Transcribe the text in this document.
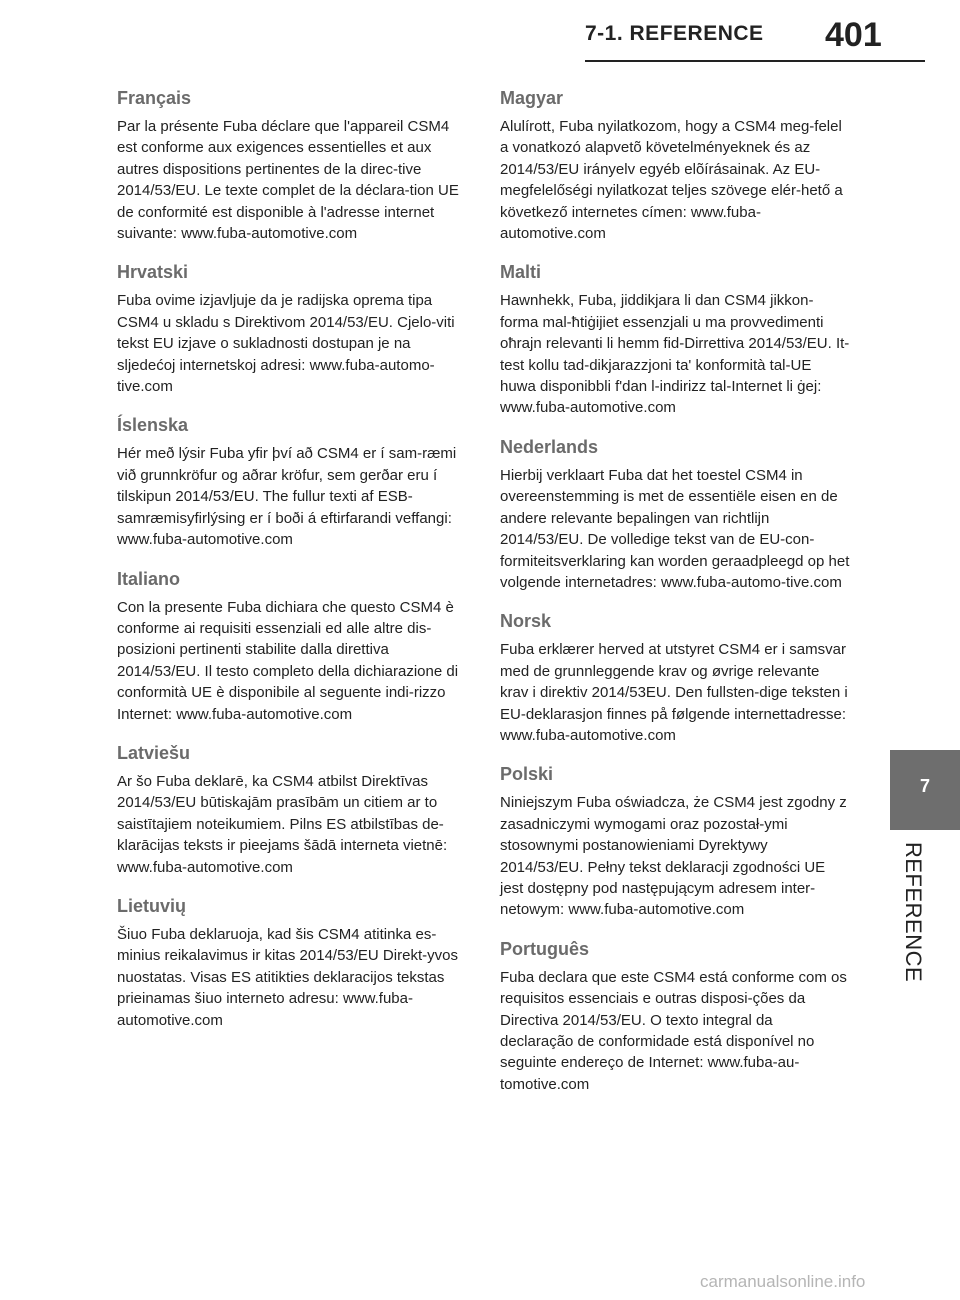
7-1. REFERENCE 401
Français

Par la présente Fuba déclare que l'appareil CSM4 est conforme aux exigences essentielles et aux autres dispositions pertinentes de la direc-tive 2014/53/EU. Le texte complet de la déclara-tion UE de conformité est disponible à l'adresse internet suivante: www.fuba-automotive.com

Hrvatski

Fuba ovime izjavljuje da je radijska oprema tipa CSM4 u skladu s Direktivom 2014/53/EU. Cjelo-viti tekst EU izjave o sukladnosti dostupan je na sljedećoj internetskoj adresi: www.fuba-automo-tive.com

Íslenska

Hér með lýsir Fuba yfir því að CSM4 er í sam-ræmi við grunnkröfur og aðrar kröfur, sem gerðar eru í tilskipun 2014/53/EU. The fullur texti af ESB-samræmisyfirlýsing er í boði á eftirfarandi veffangi: www.fuba-automotive.com

Italiano

Con la presente Fuba dichiara che questo CSM4 è conforme ai requisiti essenziali ed alle altre dis-posizioni pertinenti stabilite dalla direttiva 2014/53/EU. Il testo completo della dichiarazione di conformità UE è disponibile al seguente indi-rizzo Internet: www.fuba-automotive.com

Latviešu

Ar šo Fuba deklarē, ka CSM4 atbilst Direktīvas 2014/53/EU būtiskajām prasībām un citiem ar to saistītajiem noteikumiem. Pilns ES atbilstības de-klarācijas teksts ir pieejams šādā interneta vietnē: www.fuba-automotive.com

Lietuvių

Šiuo Fuba deklaruoja, kad šis CSM4 atitinka es-minius reikalavimus ir kitas 2014/53/EU Direkt-yvos nuostatas. Visas ES atitikties deklaracijos tekstas prieinamas šiuo interneto adresu: www.fuba-automotive.com

Magyar

Alulírott, Fuba nyilatkozom, hogy a CSM4 meg-felel a vonatkozó alapvetõ követelményeknek és az 2014/53/EU irányelv egyéb elõírásainak. Az EU-megfelelőségi nyilatkozat teljes szövege elér-hető a következő internetes címen: www.fuba-automotive.com

Malti

Hawnhekk, Fuba, jiddikjara li dan CSM4 jikkon-forma mal-ħtiġijiet essenzjali u ma provvedimenti oħrajn relevanti li hemm fid-Dirrettiva 2014/53/EU. It-test kollu tad-dikjarazzjoni ta' konformità tal-UE huwa disponibbli f'dan l-indirizz tal-Internet li ġej: www.fuba-automotive.com

Nederlands

Hierbij verklaart Fuba dat het toestel CSM4 in overeenstemming is met de essentiële eisen en de andere relevante bepalingen van richtlijn 2014/53/EU. De volledige tekst van de EU-con-formiteitsverklaring kan worden geraadpleegd op het volgende internetadres: www.fuba-automo-tive.com

Norsk

Fuba erklærer herved at utstyret CSM4 er i samsvar med de grunnleggende krav og øvrige relevante krav i direktiv 2014/53EU. Den fullsten-dige teksten i EU-deklarasjon finnes på følgende internettadresse: www.fuba-automotive.com

Polski

Niniejszym Fuba oświadcza, że CSM4 jest zgodny z zasadniczymi wymogami oraz pozostał-ymi stosownymi postanowieniami Dyrektywy 2014/53/EU. Pełny tekst deklaracji zgodności UE jest dostępny pod następującym adresem inter-netowym: www.fuba-automotive.com

Português

Fuba declara que este CSM4 está conforme com os requisitos essenciais e outras disposi-ções da Directiva 2014/53/EU. O texto integral da declaração de conformidade está disponível no seguinte endereço de Internet: www.fuba-au-tomotive.com

7
REFERENCE
carmanualsonline.info
